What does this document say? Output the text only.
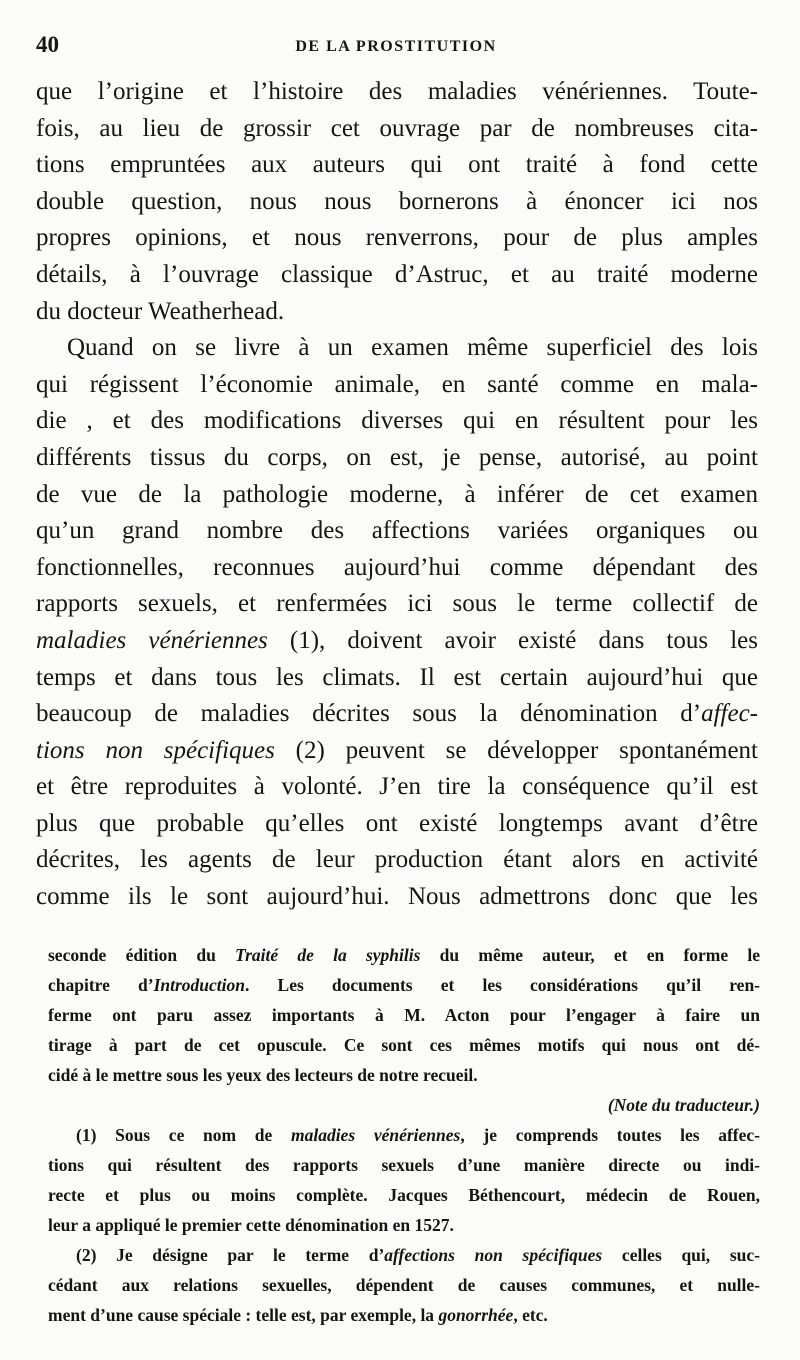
40	DE LA PROSTITUTION
que l’origine et l’histoire des maladies vénériennes. Toute-
fois, au lieu de grossir cet ouvrage par de nombreuses cita-
tions empruntées aux auteurs qui ont traité à fond cette
double question, nous nous bornerons à énoncer ici nos
propres opinions, et nous renverrons, pour de plus amples
détails, à l’ouvrage classique d’Astruc, et au traité moderne
du docteur Weatherhead.
Quand on se livre à un examen même superficiel des lois
qui régissent l’économie animale, en santé comme en mala-
die , et des modifications diverses qui en résultent pour les
différents tissus du corps, on est, je pense, autorisé, au point
de vue de la pathologie moderne, à inférer de cet examen
qu’un grand nombre des affections variées organiques ou
fonctionnelles, reconnues aujourd’hui comme dépendant des
rapports sexuels, et renfermées ici sous le terme collectif de
maladies vénériennes (1), doivent avoir existé dans tous les
temps et dans tous les climats. Il est certain aujourd’hui que
beaucoup de maladies décrites sous la dénomination d’affec-
tions non spécifiques (2) peuvent se développer spontanément
et être reproduites à volonté. J’en tire la conséquence qu’il est
plus que probable qu’elles ont existé longtemps avant d’être
décrites, les agents de leur production étant alors en activité
comme ils le sont aujourd’hui. Nous admettrons donc que les
seconde édition du Traité de la syphilis du même auteur, et en forme le
chapitre d’Introduction. Les documents et les considérations qu’il ren-
ferme ont paru assez importants à M. Acton pour l’engager à faire un
tirage à part de cet opuscule. Ce sont ces mêmes motifs qui nous ont dé-
cidé à le mettre sous les yeux des lecteurs de notre recueil.
(Note du traducteur.)
(1) Sous ce nom de maladies vénériennes, je comprends toutes les affec-
tions qui résultent des rapports sexuels d’une manière directe ou indi-
recte et plus ou moins complète. Jacques Béthencourt, médecin de Rouen,
leur a appliqué le premier cette dénomination en 1527.
(2) Je désigne par le terme d’affections non spécifiques celles qui, suc-
cédant aux relations sexuelles, dépendent de causes communes, et nulle-
ment d’une cause spéciale : telle est, par exemple, la gonorrhée, etc.
